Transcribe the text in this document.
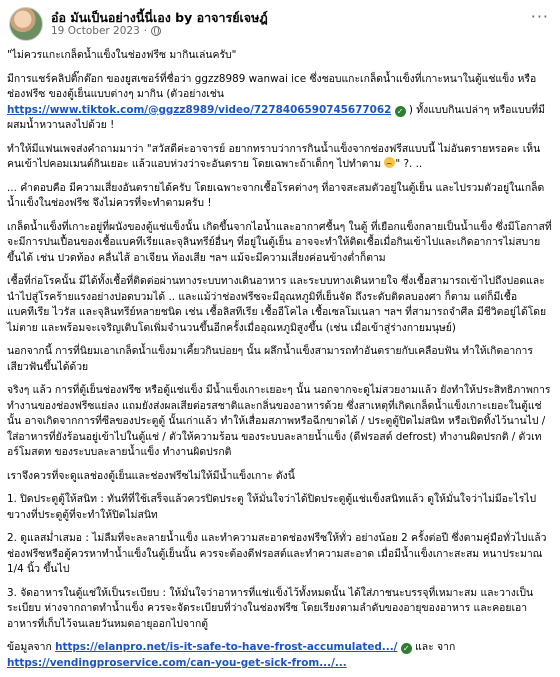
อ๋อ มันเป็นอย่างนี้นี่เอง by อาจารย์เจษฎ์
19 October 2023 ·
···

"ไม่ควรแกะเกล็ดน้ำแข็งในช่องฟรีซ มากินเล่นครับ"

มีการแชร์คลิปติ๊กต๊อก ของยูสเซอร์ที่ชื่อว่า ggzz8989 wanwai ice ซึ่งชอบแกะเกล็ดน้ำแข็งที่เกาะหนาในตู้แช่แข็ง หรือช่องฟรีซ ของตู้เย็นแบบต่างๆ มากิน (ตัวอย่างเช่น https://www.tiktok.com/@ggzz8989/video/7278406590745677062 ✓ ) ทั้งแบบกินเปล่าๆ หรือแบบที่มีผสมน้ำหวานลงไปด้วย !

ทำให้มีแฟนเพจส่งคำถามมาว่า "สวัสดีค่ะอาจารย์ อยากทราบว่าการกินน้ำแข็งจากช่องฟรีสแบบนี้ ไม่อันตรายหรอคะ เห็นคนเข้าไปคอมเมนต์กินเยอะ แล้วแอบห่วงว่าจะอันตราย โดยเฉพาะถ้าเด็กๆ ไปทำตาม " ?. ..

... คำตอบคือ มีความเสี่ยงอันตรายได้ครับ โดยเฉพาะจากเชื้อโรคต่างๆ ที่อาจสะสมตัวอยู่ในตู้เย็น และไปรวมตัวอยู่ในเกล็ดน้ำแข็งในช่องฟรีซ จึงไม่ควรที่จะทำตามครับ !

เกล็ดน้ำแข็งที่เกาะอยู่ที่ผนังของตู้แช่แข็งนั้น เกิดขึ้นจากไอน้ำและอากาศชื้นๆ ในตู้ ที่เยือกแข็งกลายเป็นน้ำแข็ง ซึ่งมีโอกาสที่จะมีการปนเปื้อนของเชื้อแบคทีเรียและจุลินทรีย์อื่นๆ ที่อยู่ในตู้เย็น อาจจะทำให้ติดเชื้อเมื่อกินเข้าไปและเกิดอาการไม่สบายขึ้นได้ เช่น ปวดท้อง คลื่นไส้ อาเจียน ท้องเสีย ฯลฯ แม้จะมีความเสี่ยงค่อนข้างต่ำก็ตาม

เชื้อที่ก่อโรคนั้น มีได้ทั้งเชื้อที่ติดต่อผ่านทางระบบทางเดินอาหาร และระบบทางเดินหายใจ ซึ่งเชื้อสามารถเข้าไปถึงปอดและนำไปสู่โรคร้ายแรงอย่างปอดบวมได้ .. และแม้ว่าช่องฟรีซจะมีอุณหภูมิที่เย็นจัด ถึงระดับติดลบองศา ก็ตาม แต่ก็มีเชื้อแบคทีเรีย ไวรัส และจุลินทรีย์หลายชนิด เช่น เชื้อลิสทีเรีย เชื้ออีโคไล เชื้อเซลโมเนลา ฯลฯ ที่สามารถจำศีล มีชีวิตอยู่ได้โดยไม่ตาย และพร้อมจะเจริญเติบโตเพิ่มจำนวนขึ้นอีกครั้งเมื่ออุณหภูมิสูงขึ้น (เช่น เมื่อเข้าสู่ร่างกายมนุษย์)

นอกจากนี้ การที่นิยมเอาเกล็ดน้ำแข็งมาเคี้ยวกินบ่อยๆ นั้น ผลึกน้ำแข็งสามารถทำอันตรายกับเคลือบฟัน ทำให้เกิดอาการเสียวฟันขึ้นได้ด้วย

จริงๆ แล้ว การที่ตู้เย็นช่องฟรีซ หรือตู้แช่แข็ง มีน้ำแข็งเกาะเยอะๆ นั้น นอกจากจะดูไม่สวยงามแล้ว ยังทำให้ประสิทธิภาพการทำงานของช่องฟรีซแย่ลง แถมยังส่งผลเสียต่อรสชาติและกลิ่นของอาหารด้วย ซึ่งสาเหตุที่เกิดเกล็ดน้ำแข็งเกาะเยอะในตู้แช่นั้น อาจเกิดจากการที่ซีลของประตูตู้ นั้นเก่าแล้ว ทำให้เสื่อมสภาพหรือฉีกขาดได้ / ประตูตู้ปิดไม่สนิท หรือเปิดทิ้งไว้นานไป / ใส่อาหารที่ยังร้อนอยู่เข้าไปในตู้แช่ / ตัวให้ความร้อน ของระบบละลายน้ำแข็ง (ดีฟรอสต์ defrost) ทำงานผิดปรกติ / ตัวเทอร์โมสตท ของระบบละลายน้ำแข็ง ทำงานผิดปรกติ

เราจึงควรที่จะดูแลช่องตู้เย็นและช่องฟรีซไม่ให้มีน้ำแข็งเกาะ ดังนี้

1. ปิดประตูตู้ให้สนิท : ทันทีที่ใช้เสร็จแล้วควรปิดประตู ให้มั่นใจว่าได้ปิดประตูตู้แช่แข็งสนิทแล้ว ดูให้มั่นใจว่าไม่มีอะไรไปขวางที่ประตูตู้ที่จะทำให้ปิดไม่สนิท

2. ดูแลสม่ำเสมอ : ไม่ลืมที่จะละลายน้ำแข็ง และทำความสะอาดช่องฟรีซให้ทั่ว อย่างน้อย 2 ครั้งต่อปี ซึ่งตามคู่มือทั่วไปแล้ว ช่องฟรีซหรือตู้ควรหาทำน้ำแข็งในตู้เย็นนั้น ควรจะต้องดีฟรอสต์และทำความสะอาด เมื่อมีน้ำแข็งเกาะสะสม หนาประมาณ 1/4 นิ้ว ขึ้นไป

3. จัดอาหารในตู้แช่ให้เป็นระเบียบ : ให้มั่นใจว่าอาหารที่แช่แข็งไว้ทั้งหมดนั้น ได้ใส่ภาชนะบรรจุที่เหมาะสม และวางเป็นระเบียบ ห่างจากถาดทำน้ำแข็ง ควรจะจัดระเบียบที่ว่างในช่องฟรีซ โดยเรียงตามลำดับของอายุของอาหาร และคอยเอาอาหารที่เก็บไว้จนเลยวันหมดอายุออกไปจากตู้

ข้อมูลจาก https://elanpro.net/is-it-safe-to-have-frost-accumulated.../ ✓ และ จาก
https://vendingproservice.com/can-you-get-sick-from.../...
